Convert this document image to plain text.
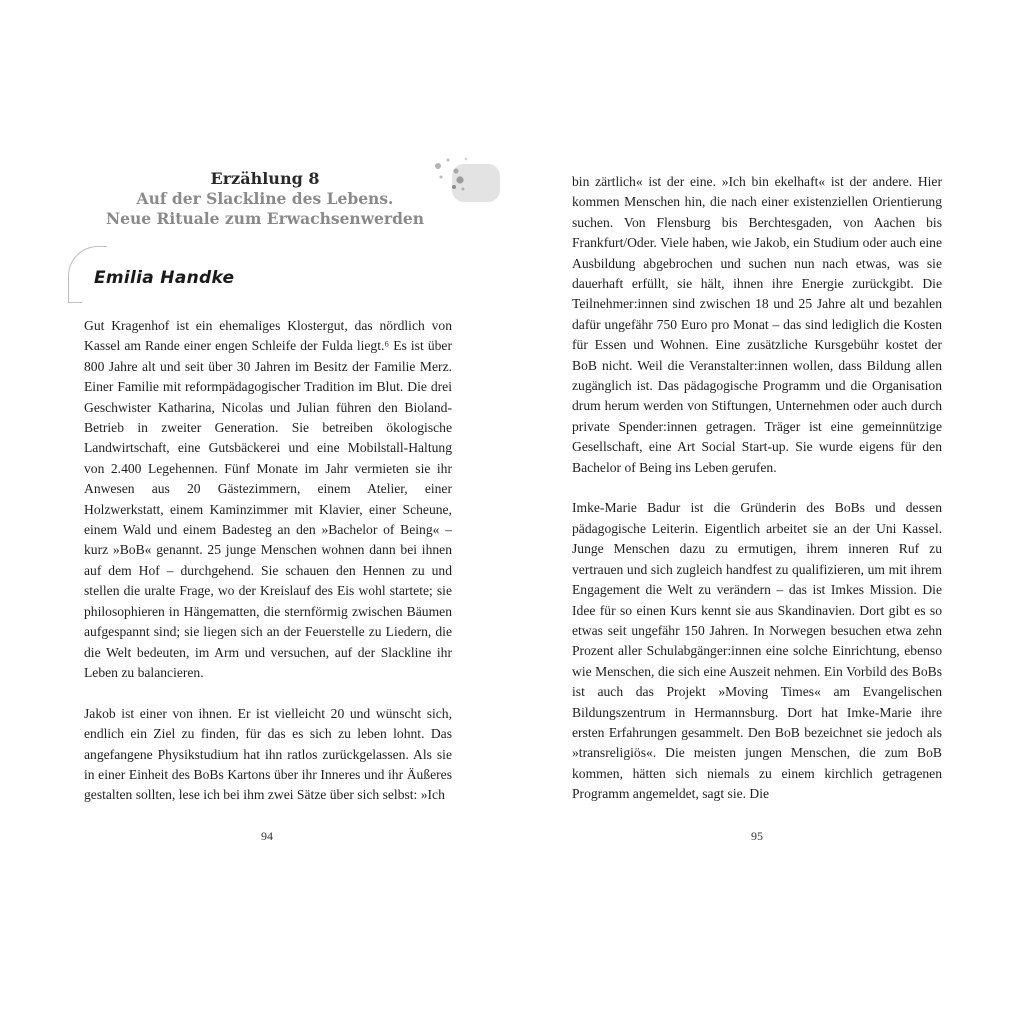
Erzählung 8
Auf der Slackline des Lebens.
Neue Rituale zum Erwachsenwerden
Emilia Handke

Gut Kragenhof ist ein ehemaliges Klostergut, das nördlich von Kassel am Rande einer engen Schleife der Fulda liegt.⁶ Es ist über 800 Jahre alt und seit über 30 Jahren im Besitz der Familie Merz. Einer Familie mit reformpädagogischer Tradition im Blut. Die drei Geschwister Katharina, Nicolas und Julian führen den Bioland-Betrieb in zweiter Generation. Sie betreiben ökologische Landwirtschaft, eine Gutsbäckerei und eine Mobilstall-Haltung von 2.400 Legehennen. Fünf Monate im Jahr vermieten sie ihr Anwesen aus 20 Gästezimmern, einem Atelier, einer Holzwerkstatt, einem Kaminzimmer mit Klavier, einer Scheune, einem Wald und einem Badesteg an den »Bachelor of Being« – kurz »BoB« genannt. 25 junge Menschen wohnen dann bei ihnen auf dem Hof – durchgehend. Sie schauen den Hennen zu und stellen die uralte Frage, wo der Kreislauf des Eis wohl startete; sie philosophieren in Hängematten, die sternförmig zwischen Bäumen aufgespannt sind; sie liegen sich an der Feuerstelle zu Liedern, die die Welt bedeuten, im Arm und versuchen, auf der Slackline ihr Leben zu balancieren.

Jakob ist einer von ihnen. Er ist vielleicht 20 und wünscht sich, endlich ein Ziel zu finden, für das es sich zu leben lohnt. Das angefangene Physikstudium hat ihn ratlos zurückgelassen. Als sie in einer Einheit des BoBs Kartons über ihr Inneres und ihr Äußeres gestalten sollten, lese ich bei ihm zwei Sätze über sich selbst: »Ich

94

bin zärtlich« ist der eine. »Ich bin ekelhaft« ist der andere. Hier kommen Menschen hin, die nach einer existenziellen Orientierung suchen. Von Flensburg bis Berchtesgaden, von Aachen bis Frankfurt/Oder. Viele haben, wie Jakob, ein Studium oder auch eine Ausbildung abgebrochen und suchen nun nach etwas, was sie dauerhaft erfüllt, sie hält, ihnen ihre Energie zurückgibt. Die Teilnehmer:innen sind zwischen 18 und 25 Jahre alt und bezahlen dafür ungefähr 750 Euro pro Monat – das sind lediglich die Kosten für Essen und Wohnen. Eine zusätzliche Kursgebühr kostet der BoB nicht. Weil die Veranstalter:innen wollen, dass Bildung allen zugänglich ist. Das pädagogische Programm und die Organisation drum herum werden von Stiftungen, Unternehmen oder auch durch private Spender:innen getragen. Träger ist eine gemeinnützige Gesellschaft, eine Art Social Start-up. Sie wurde eigens für den Bachelor of Being ins Leben gerufen.

Imke-Marie Badur ist die Gründerin des BoBs und dessen pädagogische Leiterin. Eigentlich arbeitet sie an der Uni Kassel. Junge Menschen dazu zu ermutigen, ihrem inneren Ruf zu vertrauen und sich zugleich handfest zu qualifizieren, um mit ihrem Engagement die Welt zu verändern – das ist Imkes Mission. Die Idee für so einen Kurs kennt sie aus Skandinavien. Dort gibt es so etwas seit ungefähr 150 Jahren. In Norwegen besuchen etwa zehn Prozent aller Schulabgänger:innen eine solche Einrichtung, ebenso wie Menschen, die sich eine Auszeit nehmen. Ein Vorbild des BoBs ist auch das Projekt »Moving Times« am Evangelischen Bildungszentrum in Hermannsburg. Dort hat Imke-Marie ihre ersten Erfahrungen gesammelt. Den BoB bezeichnet sie jedoch als »transreligiös«. Die meisten jungen Menschen, die zum BoB kommen, hätten sich niemals zu einem kirchlich getragenen Programm angemeldet, sagt sie. Die

95
